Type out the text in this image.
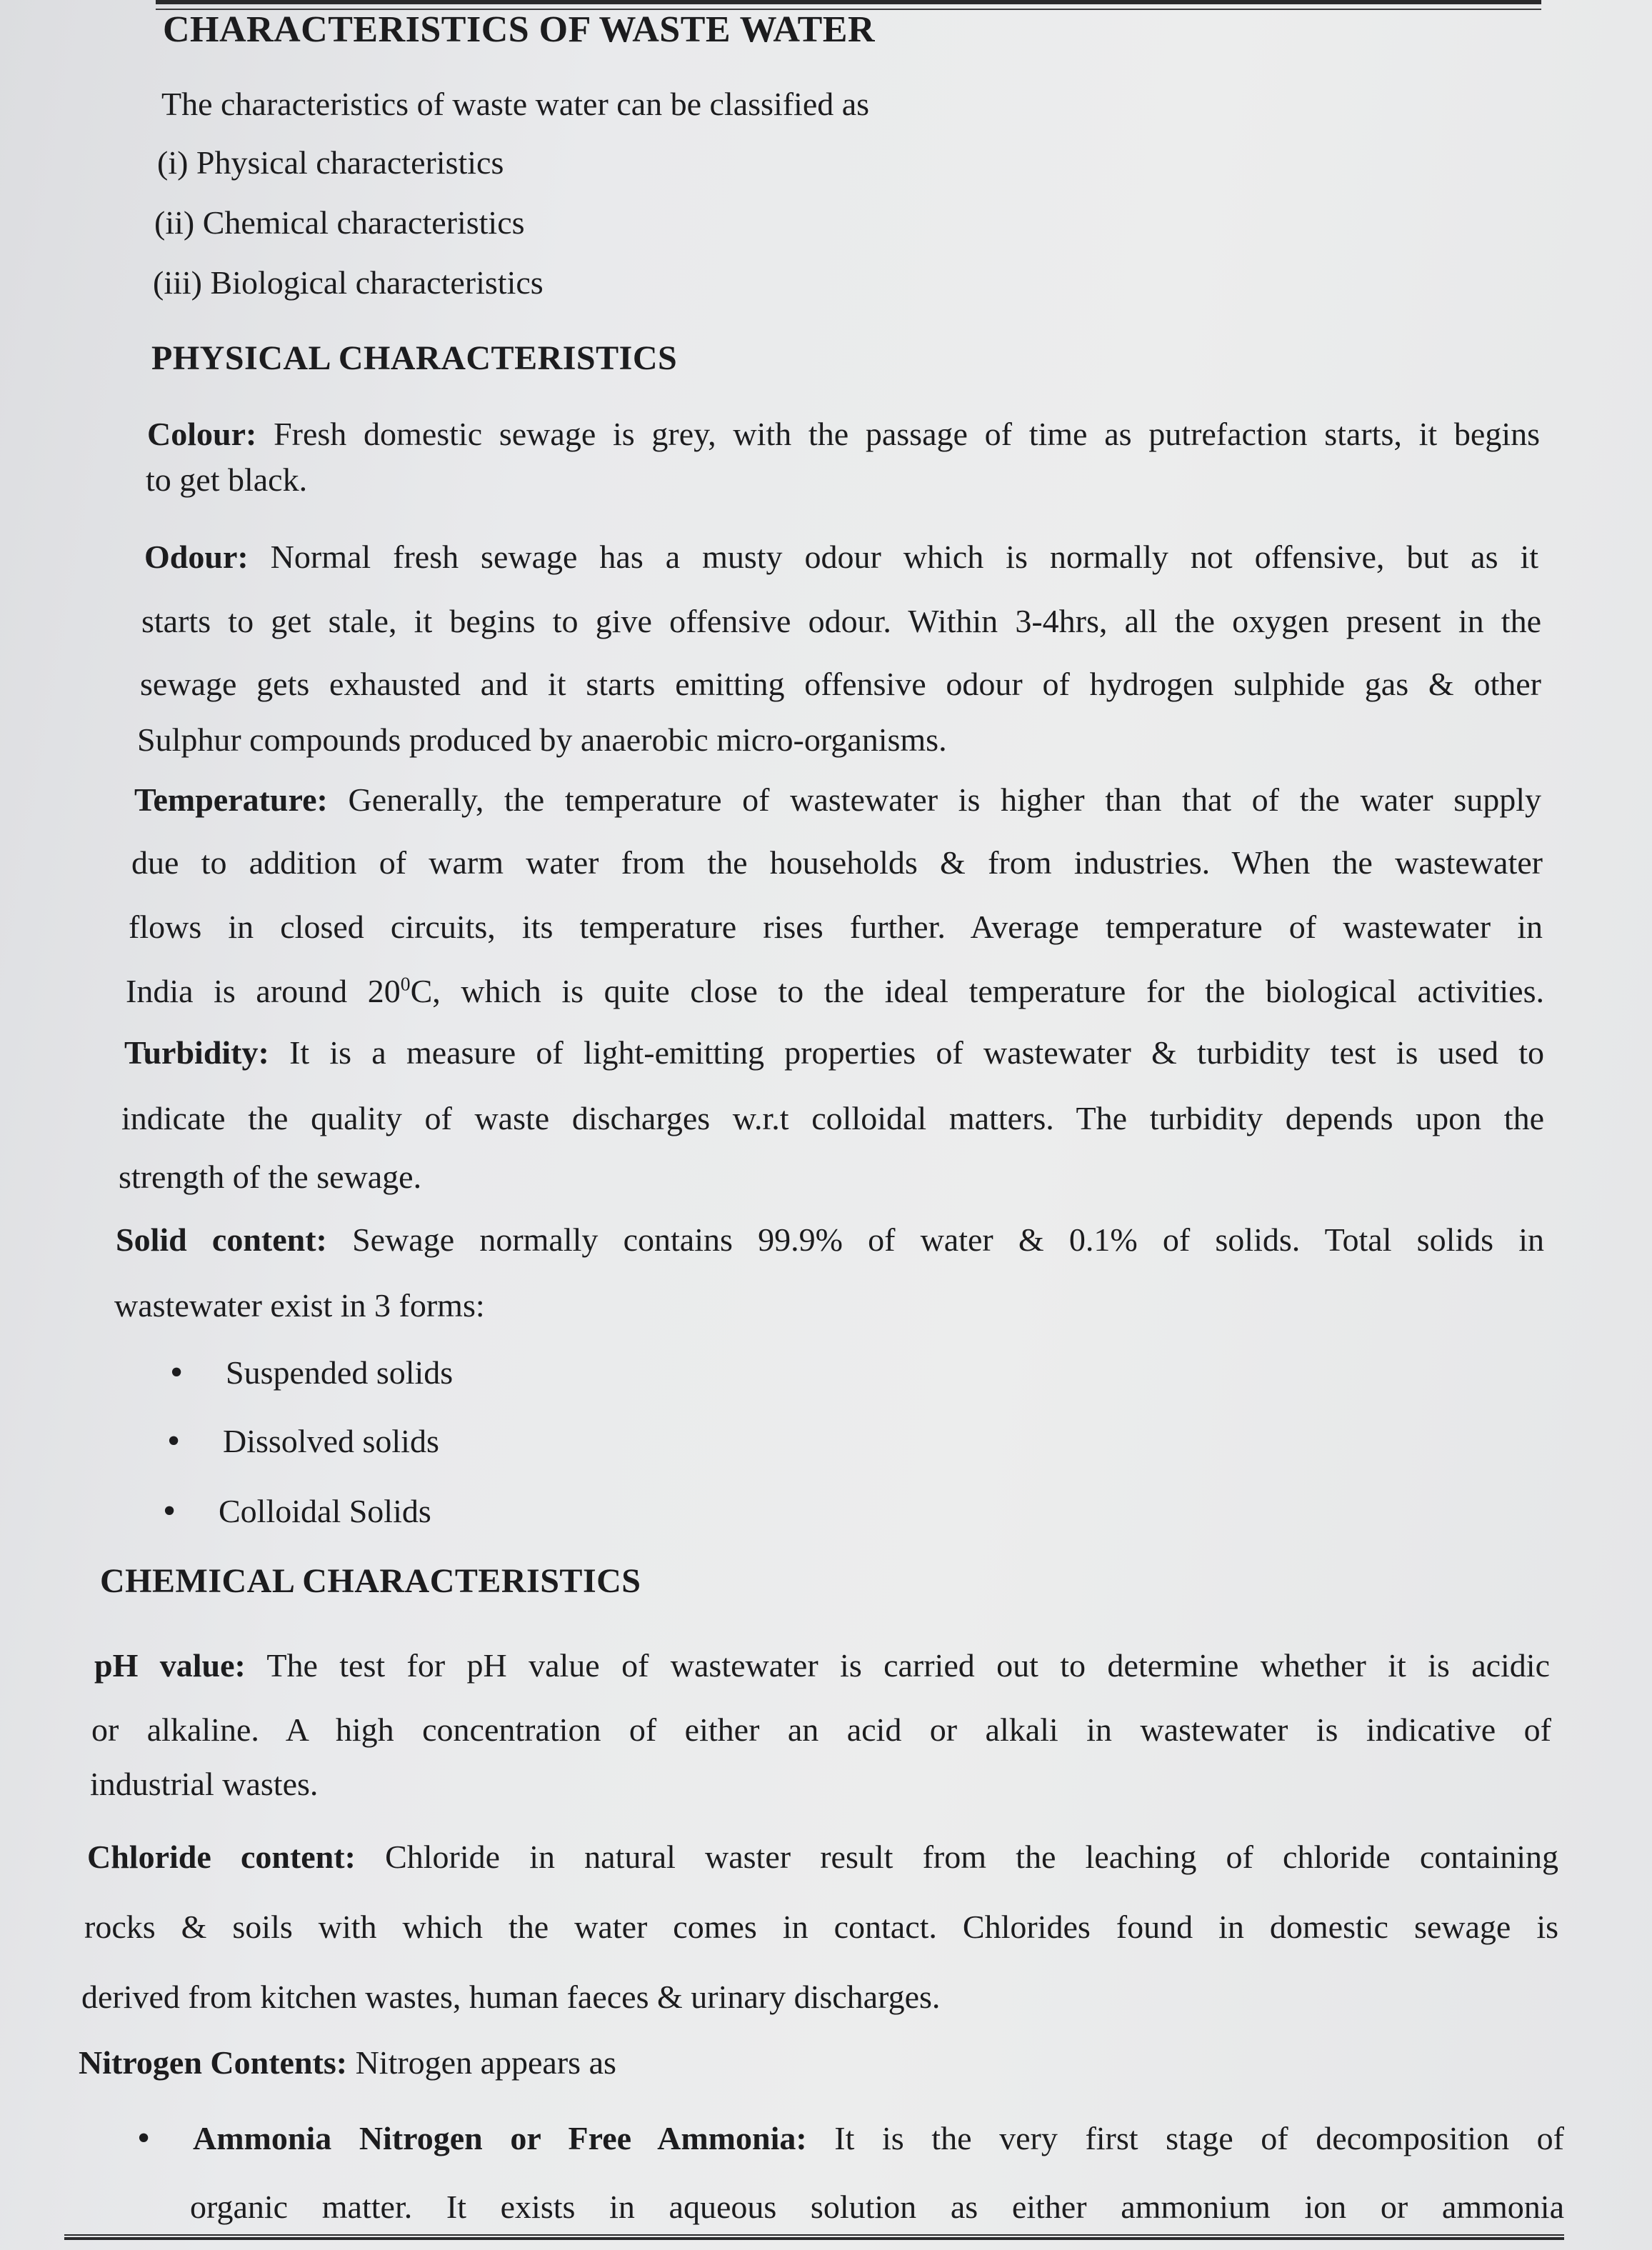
CHARACTERISTICS OF WASTE WATER
The characteristics of waste water can be classified as
(i) Physical characteristics
(ii) Chemical characteristics
(iii) Biological characteristics
PHYSICAL CHARACTERISTICS
Colour: Fresh domestic sewage is grey, with the passage of time as putrefaction starts, it begins
to get black.
Odour: Normal fresh sewage has a musty odour which is normally not offensive, but as it
starts to get stale, it begins to give offensive odour. Within 3-4hrs, all the oxygen present in the
sewage gets exhausted and it starts emitting offensive odour of hydrogen sulphide gas & other
Sulphur compounds produced by anaerobic micro-organisms.
Temperature: Generally, the temperature of wastewater is higher than that of the water supply
due to addition of warm water from the households & from industries. When the wastewater
flows in closed circuits, its temperature rises further. Average temperature of wastewater in
India is around $20^0C$, which is quite close to the ideal temperature for the biological activities.
Turbidity: It is a measure of light-emitting properties of wastewater & turbidity test is used to
indicate the quality of waste discharges w.r.t colloidal matters. The turbidity depends upon the
strength of the sewage.
Solid content: Sewage normally contains 99.9% of water & 0.1% of solids. Total solids in
wastewater exist in 3 forms:
• Suspended solids
• Dissolved solids
• Colloidal Solids
CHEMICAL CHARACTERISTICS
pH value: The test for pH value of wastewater is carried out to determine whether it is acidic
or alkaline. A high concentration of either an acid or alkali in wastewater is indicative of
industrial wastes.
Chloride content: Chloride in natural waster result from the leaching of chloride containing
rocks & soils with which the water comes in contact. Chlorides found in domestic sewage is
derived from kitchen wastes, human faeces & urinary discharges.
Nitrogen Contents: Nitrogen appears as
• Ammonia Nitrogen or Free Ammonia: It is the very first stage of decomposition of
organic matter. It exists in aqueous solution as either ammonium ion or ammonia
